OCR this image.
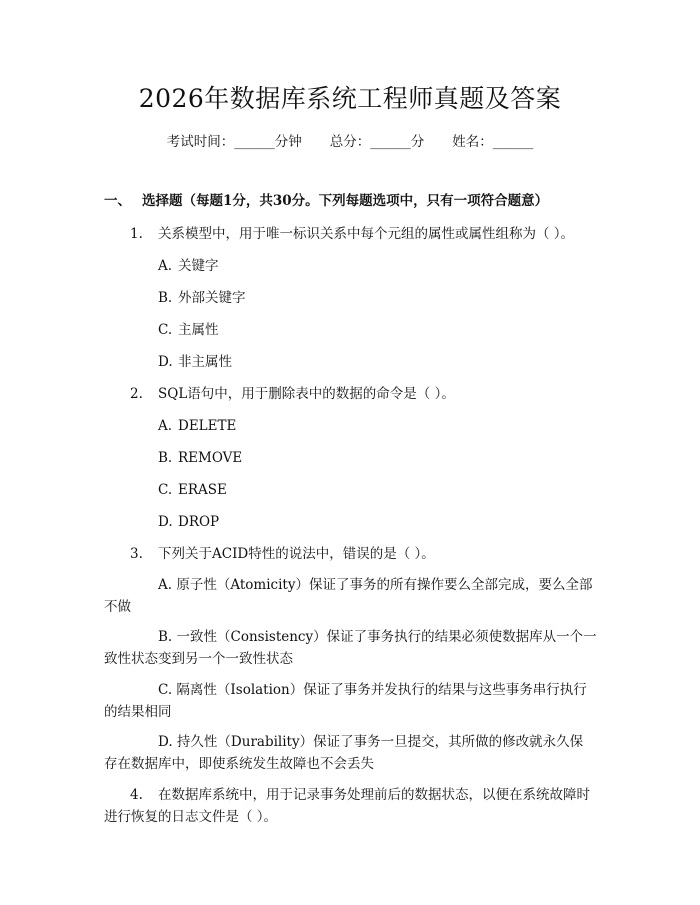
2026年数据库系统工程师真题及答案
考试时间：______分钟 总分：______分 姓名：______
一、 选择题（每题1分，共30分。下列每题选项中，只有一项符合题意）
1. 关系模型中，用于唯一标识关系中每个元组的属性或属性组称为（ ）。
A. 关键字
B. 外部关键字
C. 主属性
D. 非主属性
2. SQL语句中，用于删除表中的数据的命令是（ ）。
A. DELETE
B. REMOVE
C. ERASE
D. DROP
3. 下列关于ACID特性的说法中，错误的是（ ）。
A. 原子性（Atomicity）保证了事务的所有操作要么全部完成，要么全部
不做
B. 一致性（Consistency）保证了事务执行的结果必须使数据库从一个一
致性状态变到另一个一致性状态
C. 隔离性（Isolation）保证了事务并发执行的结果与这些事务串行执行
的结果相同
D. 持久性（Durability）保证了事务一旦提交，其所做的修改就永久保
存在数据库中，即使系统发生故障也不会丢失
4. 在数据库系统中，用于记录事务处理前后的数据状态，以便在系统故障时
进行恢复的日志文件是（ ）。
